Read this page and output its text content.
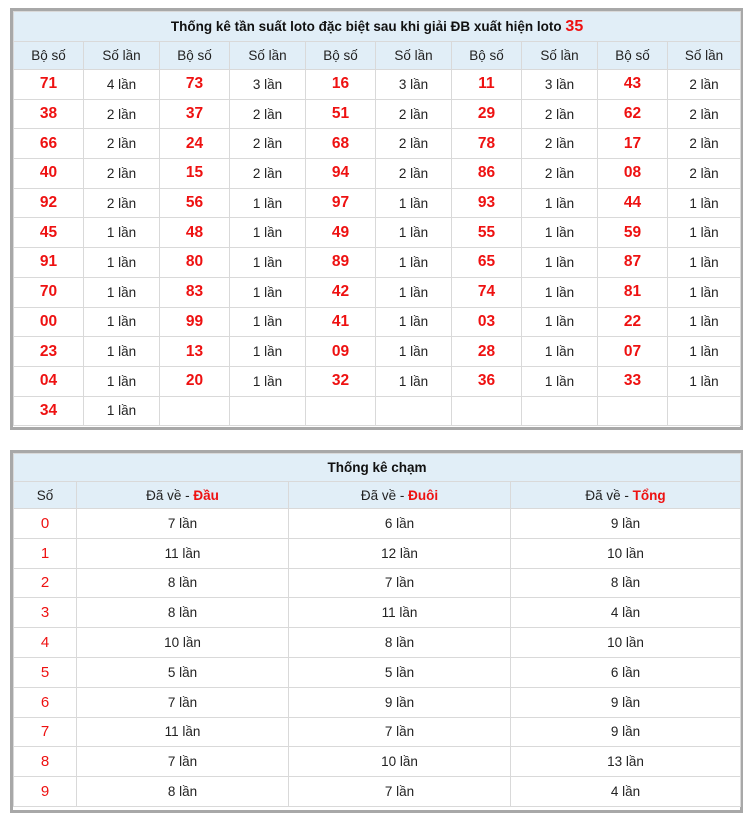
Thống kê tần suất loto đặc biệt sau khi giải ĐB xuất hiện loto 35									
Bộ số	Số lần	Bộ số	Số lần	Bộ số	Số lần	Bộ số	Số lần	Bộ số	Số lần
71	4 lần	73	3 lần	16	3 lần	11	3 lần	43	2 lần
38	2 lần	37	2 lần	51	2 lần	29	2 lần	62	2 lần
66	2 lần	24	2 lần	68	2 lần	78	2 lần	17	2 lần
40	2 lần	15	2 lần	94	2 lần	86	2 lần	08	2 lần
92	2 lần	56	1 lần	97	1 lần	93	1 lần	44	1 lần
45	1 lần	48	1 lần	49	1 lần	55	1 lần	59	1 lần
91	1 lần	80	1 lần	89	1 lần	65	1 lần	87	1 lần
70	1 lần	83	1 lần	42	1 lần	74	1 lần	81	1 lần
00	1 lần	99	1 lần	41	1 lần	03	1 lần	22	1 lần
23	1 lần	13	1 lần	09	1 lần	28	1 lần	07	1 lần
04	1 lần	20	1 lần	32	1 lần	36	1 lần	33	1 lần
34	1 lần								
Thống kê chạm			
Số	Đã về - Đầu	Đã về - Đuôi	Đã về - Tổng
0	7 lần	6 lần	9 lần
1	11 lần	12 lần	10 lần
2	8 lần	7 lần	8 lần
3	8 lần	11 lần	4 lần
4	10 lần	8 lần	10 lần
5	5 lần	5 lần	6 lần
6	7 lần	9 lần	9 lần
7	11 lần	7 lần	9 lần
8	7 lần	10 lần	13 lần
9	8 lần	7 lần	4 lần
